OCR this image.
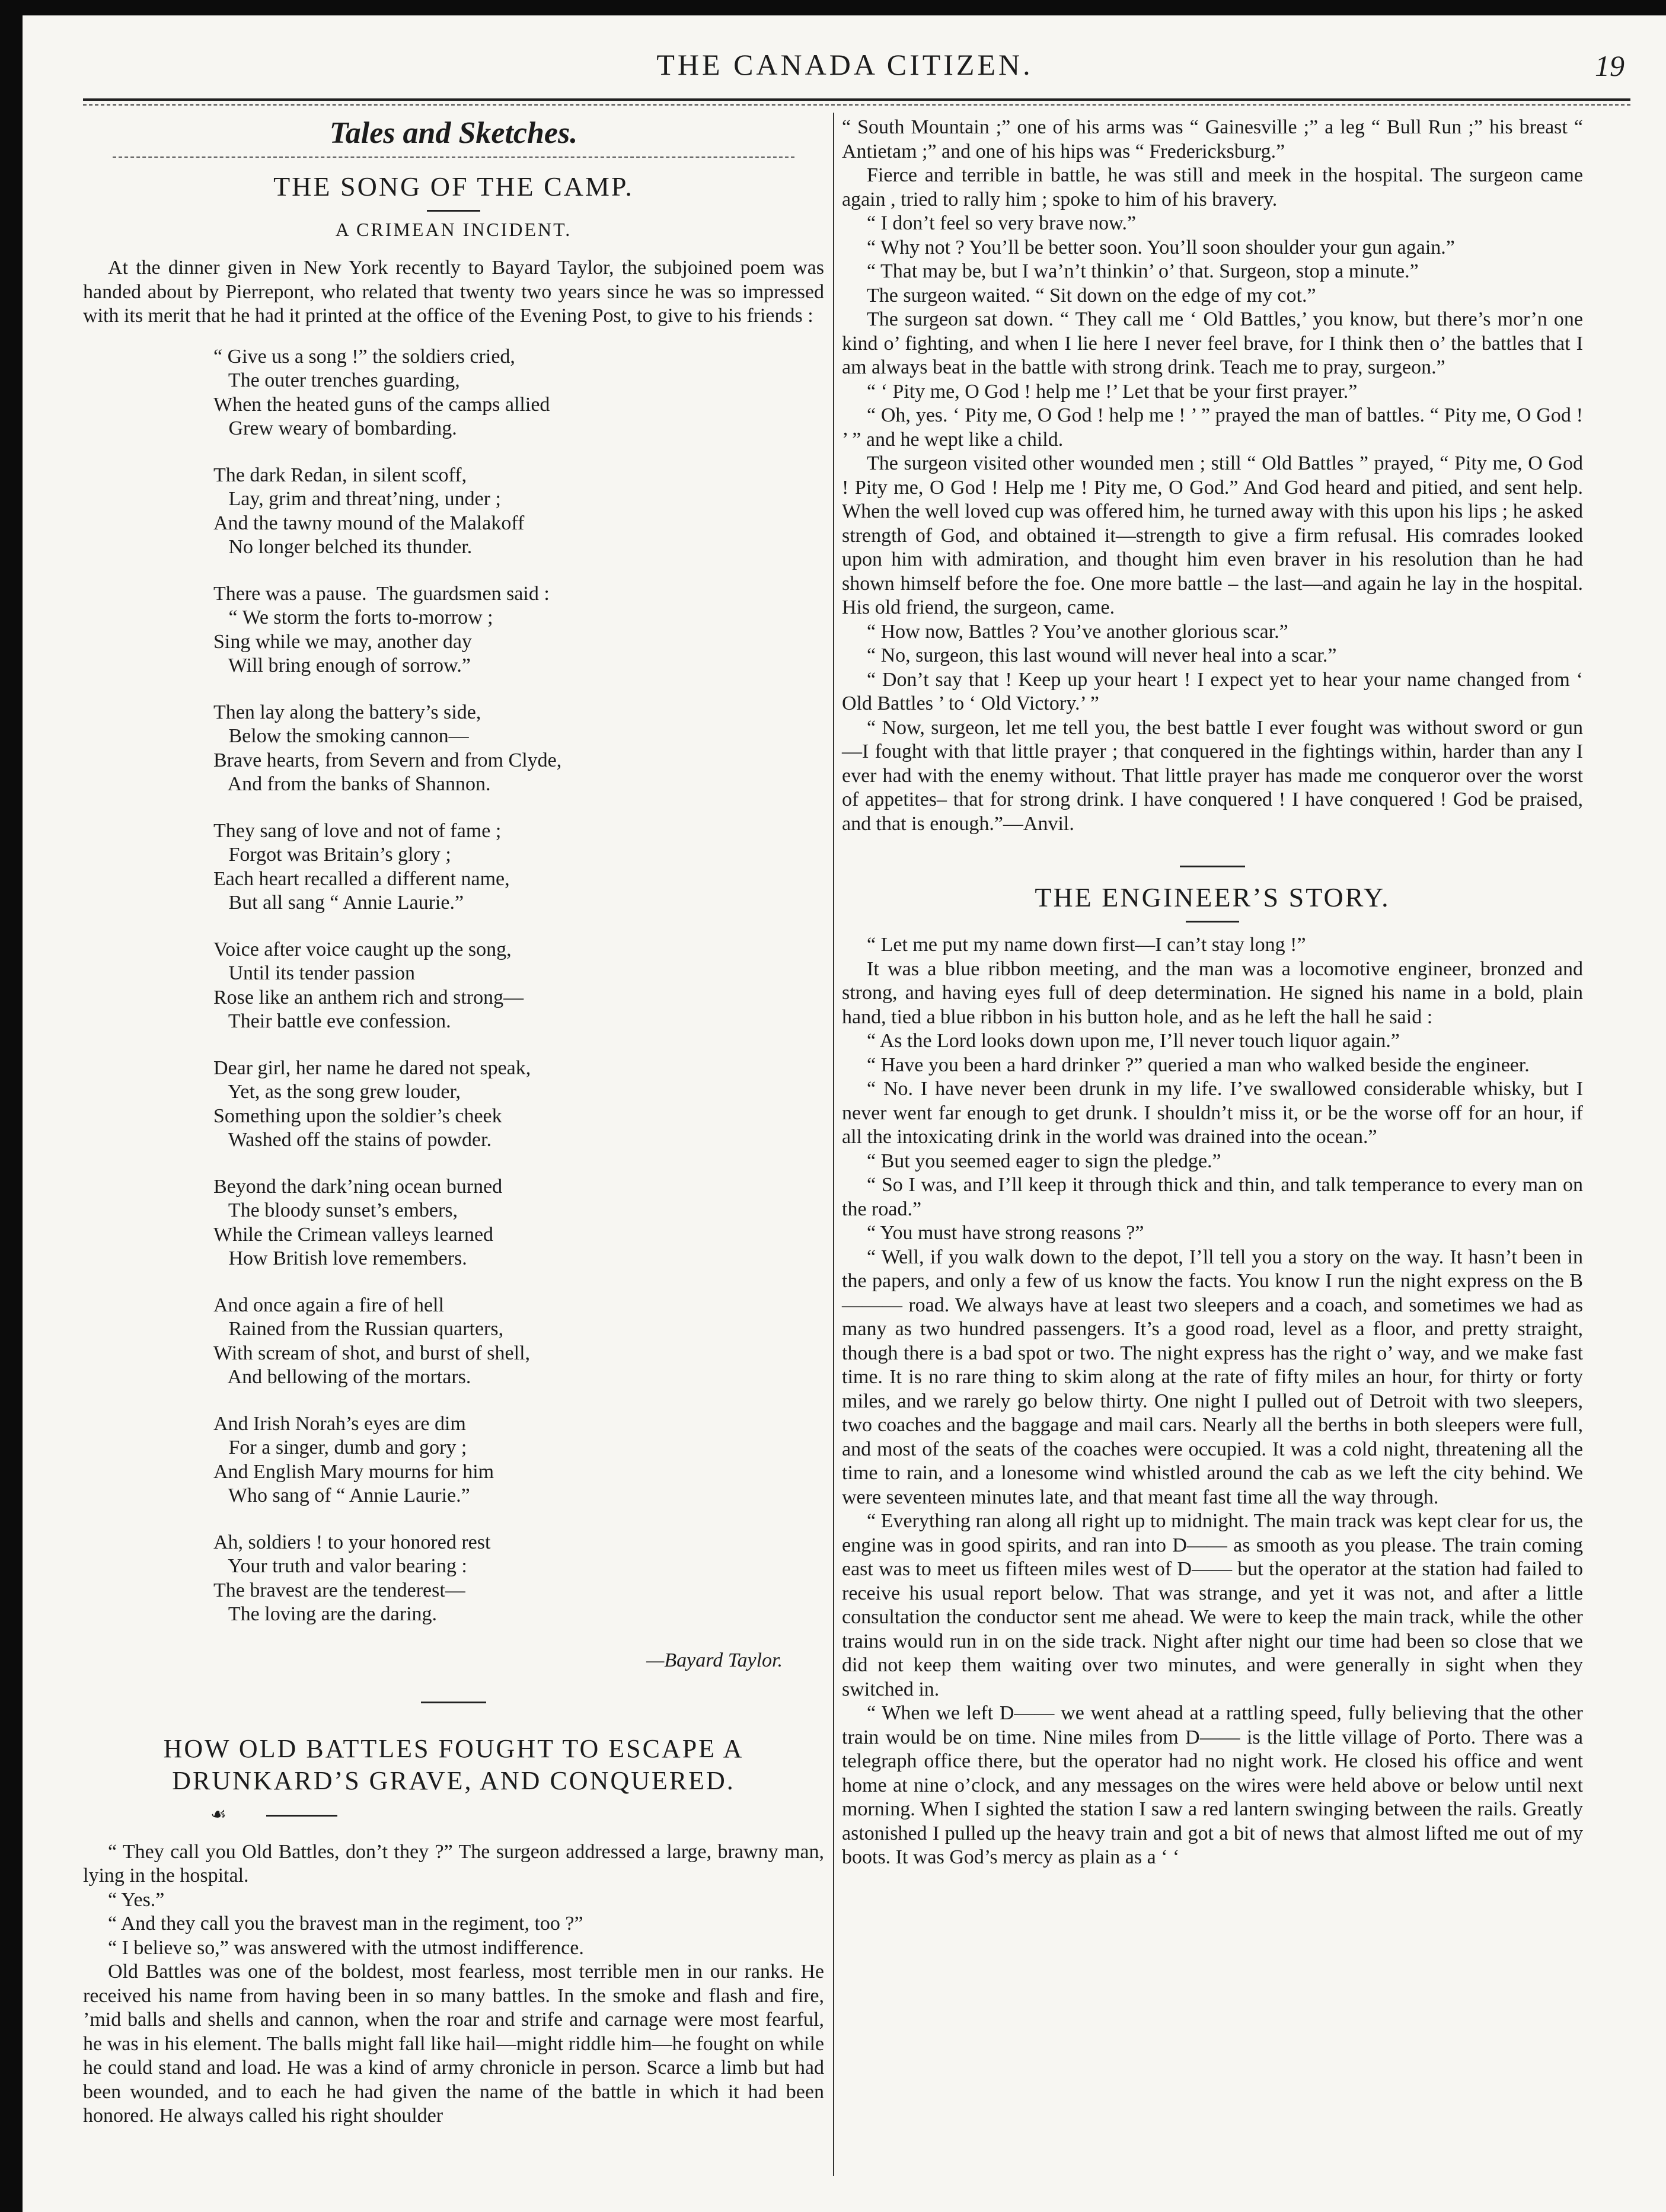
THE CANADA CITIZEN.	19
Tales and Sketches.
THE SONG OF THE CAMP.
A CRIMEAN INCIDENT.

At the dinner given in New York recently to Bayard Taylor, the subjoined poem was handed about by Pierrepont, who related that twenty two years since he was so impressed with its merit that he had it printed at the office of the Evening Post, to give to his friends :

“ Give us a song !” the soldiers cried,
The outer trenches guarding,
When the heated guns of the camps allied
Grew weary of bombarding.
The dark Redan, in silent scoff,
Lay, grim and threat’ning, under ;
And the tawny mound of the Malakoff
No longer belched its thunder.
There was a pause.  The guardsmen said :
“ We storm the forts to-morrow ;
Sing while we may, another day
Will bring enough of sorrow.”
Then lay along the battery’s side,
Below the smoking cannon—
Brave hearts, from Severn and from Clyde,
And from the banks of Shannon.
They sang of love and not of fame ;
Forgot was Britain’s glory ;
Each heart recalled a different name,
But all sang “ Annie Laurie.”
Voice after voice caught up the song,
Until its tender passion
Rose like an anthem rich and strong—
Their battle eve confession.
Dear girl, her name he dared not speak,
Yet, as the song grew louder,
Something upon the soldier’s cheek
Washed off the stains of powder.
Beyond the dark’ning ocean burned
The bloody sunset’s embers,
While the Crimean valleys learned
How British love remembers.
And once again a fire of hell
Rained from the Russian quarters,
With scream of shot, and burst of shell,
And bellowing of the mortars.
And Irish Norah’s eyes are dim
For a singer, dumb and gory ;
And English Mary mourns for him
Who sang of “ Annie Laurie.”
Ah, soldiers ! to your honored rest
Your truth and valor bearing :
The bravest are the tenderest—
The loving are the daring.
—Bayard Taylor.
HOW OLD BATTLES FOUGHT TO ESCAPE A DRUNKARD’S GRAVE, AND CONQUERED.
☙

“ They call you Old Battles, don’t they ?” The surgeon addressed a large, brawny man, lying in the hospital.

“ Yes.”

“ And they call you the bravest man in the regiment, too ?”

“ I believe so,” was answered with the utmost indifference.

Old Battles was one of the boldest, most fearless, most terrible men in our ranks. He received his name from having been in so many battles. In the smoke and flash and fire, ’mid balls and shells and cannon, when the roar and strife and carnage were most fearful, he was in his element. The balls might fall like hail—might riddle him—he fought on while he could stand and load. He was a kind of army chronicle in person. Scarce a limb but had been wounded, and to each he had given the name of the battle in which it had been honored. He always called his right shoulder

“ South Mountain ;” one of his arms was “ Gainesville ;” a leg “ Bull Run ;” his breast “ Antietam ;” and one of his hips was “ Fredericksburg.”

Fierce and terrible in battle, he was still and meek in the hospital. The surgeon came again , tried to rally him ; spoke to him of his bravery.

“ I don’t feel so very brave now.”

“ Why not ? You’ll be better soon. You’ll soon shoulder your gun again.”

“ That may be, but I wa’n’t thinkin’ o’ that. Surgeon, stop a minute.”

The surgeon waited. “ Sit down on the edge of my cot.”

The surgeon sat down. “ They call me ‘ Old Battles,’ you know, but there’s mor’n one kind o’ fighting, and when I lie here I never feel brave, for I think then o’ the battles that I am always beat in the battle with strong drink. Teach me to pray, surgeon.”

“ ‘ Pity me, O God ! help me !’ Let that be your first prayer.”

“ Oh, yes. ‘ Pity me, O God ! help me ! ’ ” prayed the man of battles. “ Pity me, O God ! ’ ” and he wept like a child.

The surgeon visited other wounded men ; still “ Old Battles ” prayed, “ Pity me, O God ! Pity me, O God ! Help me ! Pity me, O God.” And God heard and pitied, and sent help. When the well loved cup was offered him, he turned away with this upon his lips ; he asked strength of God, and obtained it—strength to give a firm refusal. His comrades looked upon him with admiration, and thought him even braver in his resolution than he had shown himself before the foe. One more battle – the last—and again he lay in the hospital. His old friend, the surgeon, came.

“ How now, Battles ? You’ve another glorious scar.”

“ No, surgeon, this last wound will never heal into a scar.”

“ Don’t say that ! Keep up your heart ! I expect yet to hear your name changed from ‘ Old Battles ’ to ‘ Old Victory.’ ”

“ Now, surgeon, let me tell you, the best battle I ever fought was without sword or gun—I fought with that little prayer ; that conquered in the fightings within, harder than any I ever had with the enemy without. That little prayer has made me conqueror over the worst of appetites– that for strong drink. I have conquered ! I have conquered ! God be praised, and that is enough.”—Anvil.

THE ENGINEER’S STORY.

“ Let me put my name down first—I can’t stay long !”

It was a blue ribbon meeting, and the man was a locomotive engineer, bronzed and strong, and having eyes full of deep determination. He signed his name in a bold, plain hand, tied a blue ribbon in his button hole, and as he left the hall he said :

“ As the Lord looks down upon me, I’ll never touch liquor again.”

“ Have you been a hard drinker ?” queried a man who walked beside the engineer.

“ No. I have never been drunk in my life. I’ve swallowed considerable whisky, but I never went far enough to get drunk. I shouldn’t miss it, or be the worse off for an hour, if all the intoxicating drink in the world was drained into the ocean.”

“ But you seemed eager to sign the pledge.”

“ So I was, and I’ll keep it through thick and thin, and talk temperance to every man on the road.”

“ You must have strong reasons ?”

“ Well, if you walk down to the depot, I’ll tell you a story on the way. It hasn’t been in the papers, and only a few of us know the facts. You know I run the night express on the B——— road. We always have at least two sleepers and a coach, and sometimes we had as many as two hundred passengers. It’s a good road, level as a floor, and pretty straight, though there is a bad spot or two. The night express has the right o’ way, and we make fast time. It is no rare thing to skim along at the rate of fifty miles an hour, for thirty or forty miles, and we rarely go below thirty. One night I pulled out of Detroit with two sleepers, two coaches and the baggage and mail cars. Nearly all the berths in both sleepers were full, and most of the seats of the coaches were occupied. It was a cold night, threatening all the time to rain, and a lonesome wind whistled around the cab as we left the city behind. We were seventeen minutes late, and that meant fast time all the way through.

“ Everything ran along all right up to midnight. The main track was kept clear for us, the engine was in good spirits, and ran into D—— as smooth as you please. The train coming east was to meet us fifteen miles west of D—— but the operator at the station had failed to receive his usual report below. That was strange, and yet it was not, and after a little consultation the conductor sent me ahead. We were to keep the main track, while the other trains would run in on the side track. Night after night our time had been so close that we did not keep them waiting over two minutes, and were generally in sight when they switched in.

“ When we left D—— we went ahead at a rattling speed, fully believing that the other train would be on time. Nine miles from D—— is the little village of Porto. There was a telegraph office there, but the operator had no night work. He closed his office and went home at nine o’clock, and any messages on the wires were held above or below until next morning. When I sighted the station I saw a red lantern swinging between the rails. Greatly astonished I pulled up the heavy train and got a bit of news that almost lifted me out of my boots. It was God’s mercy as plain as a ‘ ‘
